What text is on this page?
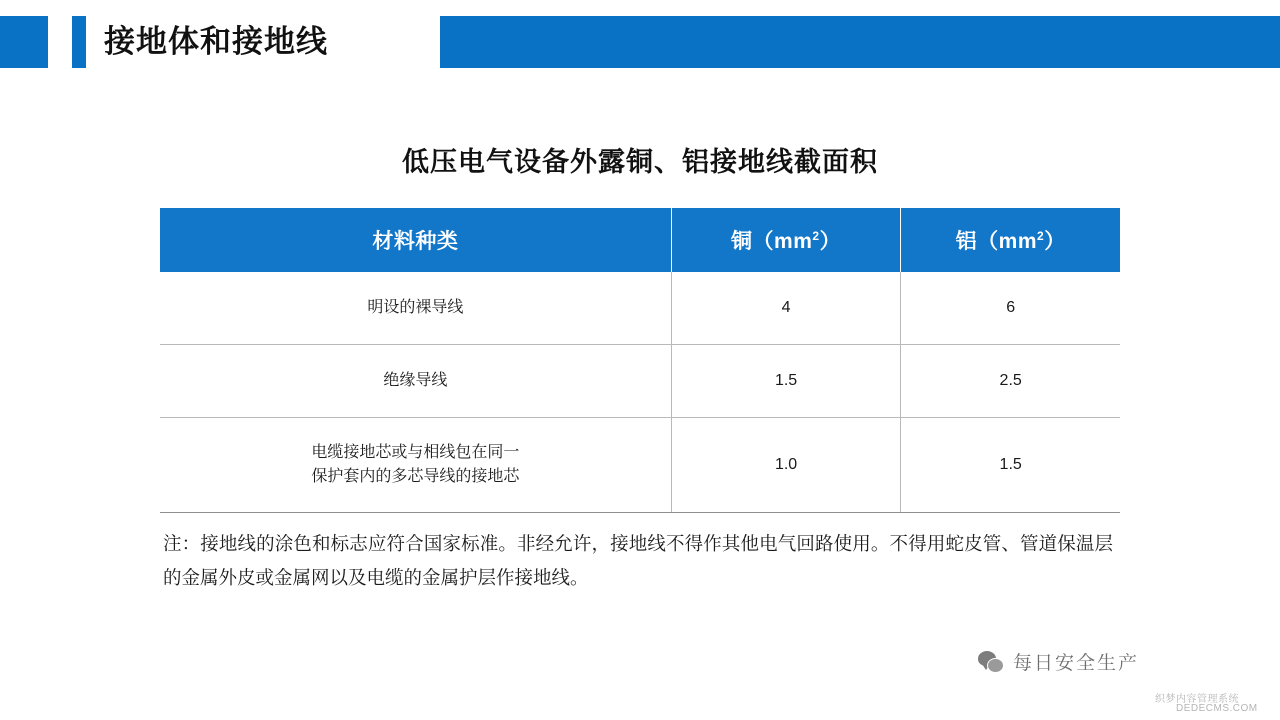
接地体和接地线
低压电气设备外露铜、铝接地线截面积
材料种类	铜$(mm^2)$	铝$(mm^2)$
明设的裸导线	4	6
绝缘导线	1.5	2.5

电缆接地芯或与相线包在同一
保护套内的多芯导线的接地芯	1.0	1.5
注：接地线的涂色和标志应符合国家标准。非经允许，接地线不得作其他电气回路使用。不得用蛇皮管、管道保温层的金属外皮或金属网以及电缆的金属护层作接地线。
每日安全生产
织梦内容管理系统
DEDECMS.COM
